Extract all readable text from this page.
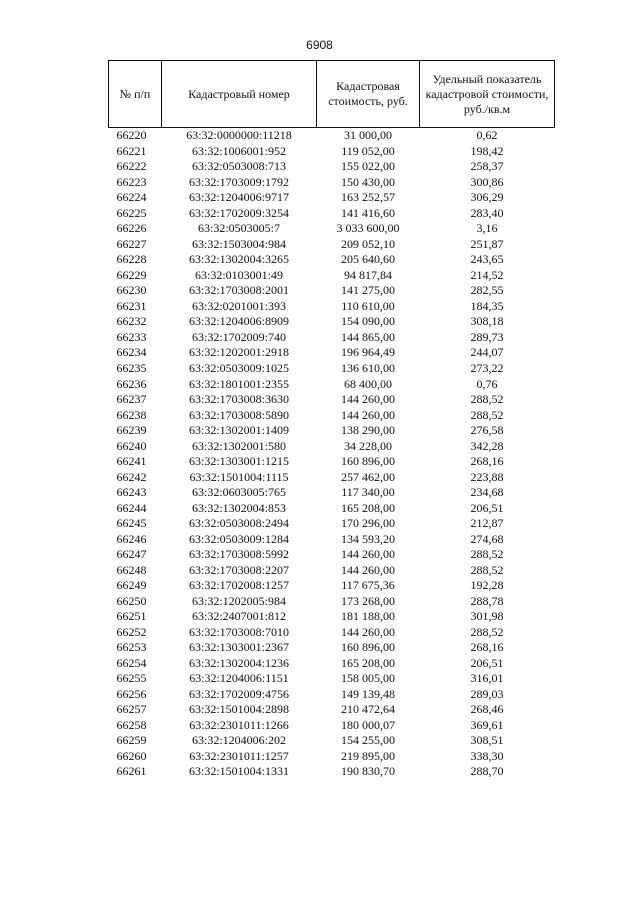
6908
№ п/п	Кадастровый номер	Кадастровая стоимость, руб.	Удельный показатель кадастровой стоимости, руб./кв.м
66220	63:32:0000000:11218	31 000,00	0,62
66221	63:32:1006001:952	119 052,00	198,42
66222	63:32:0503008:713	155 022,00	258,37
66223	63:32:1703009:1792	150 430,00	300,86
66224	63:32:1204006:9717	163 252,57	306,29
66225	63:32:1702009:3254	141 416,60	283,40
66226	63:32:0503005:7	3 033 600,00	3,16
66227	63:32:1503004:984	209 052,10	251,87
66228	63:32:1302004:3265	205 640,60	243,65
66229	63:32:0103001:49	94 817,84	214,52
66230	63:32:1703008:2001	141 275,00	282,55
66231	63:32:0201001:393	110 610,00	184,35
66232	63:32:1204006:8909	154 090,00	308,18
66233	63:32:1702009:740	144 865,00	289,73
66234	63:32:1202001:2918	196 964,49	244,07
66235	63:32:0503009:1025	136 610,00	273,22
66236	63:32:1801001:2355	68 400,00	0,76
66237	63:32:1703008:3630	144 260,00	288,52
66238	63:32:1703008:5890	144 260,00	288,52
66239	63:32:1302001:1409	138 290,00	276,58
66240	63:32:1302001:580	34 228,00	342,28
66241	63:32:1303001:1215	160 896,00	268,16
66242	63:32:1501004:1115	257 462,00	223,88
66243	63:32:0603005:765	117 340,00	234,68
66244	63:32:1302004:853	165 208,00	206,51
66245	63:32:0503008:2494	170 296,00	212,87
66246	63:32:0503009:1284	134 593,20	274,68
66247	63:32:1703008:5992	144 260,00	288,52
66248	63:32:1703008:2207	144 260,00	288,52
66249	63:32:1702008:1257	117 675,36	192,28
66250	63:32:1202005:984	173 268,00	288,78
66251	63:32:2407001:812	181 188,00	301,98
66252	63:32:1703008:7010	144 260,00	288,52
66253	63:32:1303001:2367	160 896,00	268,16
66254	63:32:1302004:1236	165 208,00	206,51
66255	63:32:1204006:1151	158 005,00	316,01
66256	63:32:1702009:4756	149 139,48	289,03
66257	63:32:1501004:2898	210 472,64	268,46
66258	63:32:2301011:1266	180 000,07	369,61
66259	63:32:1204006:202	154 255,00	308,51
66260	63:32:2301011:1257	219 895,00	338,30
66261	63:32:1501004:1331	190 830,70	288,70
